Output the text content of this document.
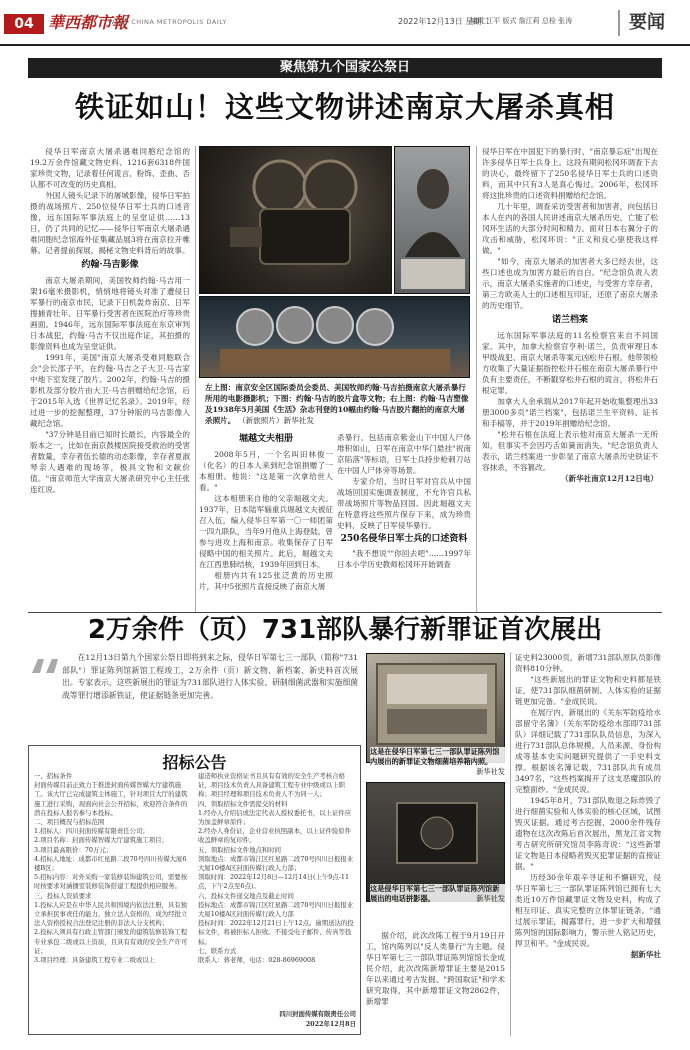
04 華西都市報
WEST CHINA METROPOLIS DAILY	2022年12月13日 星期二
编辑 江平 版式 詹江莉 总检 张涛	要闻
聚焦第九个国家公祭日
铁证如山！这些文物讲述南京大屠杀真相

侵华日军南京大屠杀遇难同胞纪念馆的19.2万余件馆藏文物史料、1216套6318件国家珍贵文物，记录着任何谎言、粉饰、歪曲、否认都不可改变的历史真相。

外国人镜头记录下的屠城影像，侵华日军拍摄的战场照片、250位侵华日军士兵的口述音像，远东国际军事法庭上的呈堂证供……13日，仍了共同的记忆——侵华日军南京大屠杀遇难同胞纪念馆海外征集藏品展3将在南京拉开帷幕。记者提前探展，揭秘文物史料背后的故事。

约翰·马吉影像

南京大屠杀期间，美国牧师约翰·马吉用一架16毫米摄影机，悄悄地将镜头对准了遭侵日军暴行的南京市民，记录下日机轰炸南京、日军搜捕青壮年、日军暴行受害者在医院治疗等珍贵画面。1946年，远东国际军事法庭在东京审判日本战犯，约翰·马吉不仅出庭作证，其拍摄的影像资料也成为呈堂证供。

1991年，美国"南京大屠杀受难同胞联合会"会长邵子平，在约翰·马吉之子大卫·马吉家中地下室发现了胶片。2002年，约翰·马吉的摄影机及部分胶片由大卫·马吉捐赠给纪念馆，后于2015年入选《世界记忆名录》。2019年，经过进一步的挖掘整理，37分钟版的马吉影像入藏纪念馆。

"37分钟是目前已知时长最长，内容最全的版本之一，比如在南京鼓楼医院接受救治的受害者数量，幸存者伍长德的动态影像，幸存者夏淑琴亲人遇难的现场等，极具文物和文献价值。"南京师范大学南京大屠杀研究中心主任张连红说。

左上图：南京安全区国际委员会委员、美国牧师约翰·马吉拍摄南京大屠杀暴行所用的电影摄影机；下图：约翰·马吉的胶片盒等文物；右上图：约翰·马吉塑像及1938年5月美国《生活》杂志刊登的10幅由约翰·马吉胶片翻拍的南京大屠杀照片。 （新旅照片）新华社发

侵华日军在中国犯下的暴行时，"南京暴忘症"出现在许多侵华日军士兵身上。这段有期间松冈环调查下去的决心，最终留下了250名侵华日军士兵的口述资料，而其中只有3人是真心悔过。2006年，松冈环将这批珍贵的口述资料捐赠给纪念馆。

几十年里，调查采访受害者和加害者，向包括日本人在内的各国人民讲述南京大屠杀历史，亡能了松冈环生活的大部分时间和精力。面对日本右翼分子的攻击和威胁，松冈环说："正义和良心驱使我这样做。"

"如今，南京大屠杀的加害者大多已经去世，这些口述也成为加害方最后的自白。"纪念馆负责人表示，南京大屠杀实施者的口述史，与受害方幸存者，第三方欧美人士的口述相互印证，还原了南京大屠杀的历史细节。

诺兰档案

远东国际军事法庭的11名检察官来自不同国家。其中，加拿大检察官亨利·诺兰，负责审理日本甲级战犯、南京大屠杀等案元凶松井石根。他带领检方收集了大量证据指控松井石根在南京大屠杀暴行中负有主要责任，不断戳穿松井石根的谎言，将松井石根定罪。

加拿大人余承瑞从2017年起开始收集整理出33册3000多页"诺兰档案"，包括诺兰生平资料、证书和手稿等，并于2019年捐赠给纪念馆。

"松井石根在法庭上表示他对南京大屠杀一无所知，但事实不会因巧舌如簧而消失。"纪念馆负责人表示，诺兰档案进一步彰显了南京大屠杀历史铁证不容抹杀，不容篡改。

（新华社南京12月12日电）

堀越文夫相册

2008年5月，一个名叫田林俊一（化名）的日本人来到纪念馆捐赠了一本相册。他说："这是第一次拿给世人看。"

这本相册来自他的父亲堀越文夫。1937年，日本陆军辎重兵堀越文夫被征召入伍，编入侵华日军第一〇一师团第一四九联队，当年9月他从上海登陆，曾参与进攻上海和南京。收集保存了日军侵略中国的相关照片。此后，堀越文夫在江西患肺结核，1939年回到日本。

相册内共有125张泛黄的历史照片，其中5张照片直接反映了南京大屠

杀暴行，包括南京紫金山下中国人尸体堆积如山，日军在南京中华门悬挂"祝南京陷落"等标语，日军士兵持步枪刺刀站在中国人尸体旁等场景。

专家介绍，当时日军对官兵从中国战场回国实施调查制度，不允许官兵私带战场照片等物品回国。因此堀越文夫在特意将这些照片保存下来，成为珍贵史料，反映了日军侵华暴行。

250名侵华日军士兵的口述资料

"我不想说""你回去吧"……1997年日本小学历史教师松冈环开始调查

2万余件（页）731部队暴行新罪证首次展出
在12月13日第九个国家公祭日即将到来之际，侵华日军第七三一部队（简称"731部队"）罪证陈列馆新馆工程竣工，2万余件（页）新文物、新档案、新史料首次展出。专家表示，这些新展出的罪证为731部队进行人体实验、研制细菌武器和实施细菌战等罪行增添新铁证，使证据链条更加完善。
这是在侵华日军第七三一部队罪证陈列馆内展出的新罪证文物细菌培养箱内照。
新华社发
这是侵华日军第七三一部队罪证陈列馆新展出的电话拼影器。	新华社发

据介绍，此次改陈工程于9月19日开工，馆内陈列以"反人类暴行"为主题。侵华日军第七三一部队罪证陈列馆馆长金成民介绍，此次改陈新增罪证主要是2015年以来通过考古发掘、"跨国取证"和学术研究取得，其中新增罪证文物2862件，新增罪

证史料23000页，新增731部队原队员影像资料810分钟。

"这些新展出的罪证文物和史料都是铁证，使731部队细菌研制、人体实验的证据链更加完备。"金成民说。

在展厅内，新展出的《关东军防疫给水部留守名簿》（关东军防疫给水部即731部队）详细记载了731部队队员信息，为深入进行731部队总体规模、人员来源、身份构成等基本史实问题研究提供了一手史料支撑。根据该名簿记载，731部队共有成员3497名，"这些档案揭开了这支恶魔部队的完整面纱。"金成民说。

1945年8月，731部队败退之际炸毁了进行细菌实验和人体实验的核心区域，试图毁灭证据。通过考古挖掘，2000余件残存遗物在这次改陈后首次展出，黑龙江省文物考古研究所研究馆员李陈奇说："这些新罪证文物是日本侵略者毁灭犯罪证据的直接证据。"

历经30余年艰辛寻证和不懈研究，侵华日军第七三一部队罪证陈列馆已拥有七大类近10万件馆藏罪证文物及史料，构成了相互印证、真实完整的立体罪证链条。"通过展示罪证，揭露罪行，进一步扩大和增强陈列馆的国际影响力，警示世人铭记历史，捍卫和平。"金成民说。

据新华社

招标公告
一、招标条件
封面传媒目前正致力于推进封面传媒智媒大厅建筑施工。该大厅已完成建筑主体施工，针对项目大厅的建筑施工进行采购，现面向社会公开招标，欢迎符合条件的潜在投标人报名参与本投标。
二、项目概况与招标范围
1.招标人：四川封面传媒有限责任公司；
2.项目名称：封面传媒智媒大厅建筑施工项目；
3.项目最高限价：70万元；
4.招标人地址：成都市红星路二段70号四川传媒大厦6楼B区；
5.招标内容：对外采购一家装修装饰建筑公司，需要按时按要求对涵播室装修装饰搭建工程提供相应服务。
三、投标人资质要求
1.投标人应是在中华人民共和国境内依法注册，具有独立承担民事责任的能力，独立法人资格的，成为经批立法人资格授权合法登记注册的非法人分支机构；
2.投标人须具有行政主管部门颁发的建筑装修装饰工程专业承包二级或以上资质，且具有有效的安全生产许可证；
3.项目经理：具备建筑工程专业二级或以上
建造师执业资格证书且具有有效的安全生产考核合格证，项目技术负责人具备建筑工程专业中级或以上职称；项目经理和项目技术负责人不为同一人；
四、领取招标文件需提交的材料
1.经办人介绍信或法定代表人授权委托书，以上证件应为加盖鲜章原件；
2.经办人身份证，企业营业执照副本，以上证件验原件收盖鲜章的复印件。
五、领取招标文件地点和时间
领取地点：成都市锦江区红星路二段70号四川日报报业大厦10楼A区封面传媒行政人力部；
领取时间：2022年12月8日—12月14日(上午9点-11点，下午2点至6点)。
六、投标文件递交地点及截止时间
投标地点：成都市锦江区红星路二段70号四川日报报业大厦10楼A区封面传媒行政人力部
投标时间：2022年12月21日上午12点。逾期送达的投标文件，将被拒标人拒收。不接受电子邮件、传真等投标。
七、联系方式
联系人：蒋老师，电话：028-86969008
四川封面传媒有限责任公司
2022年12月8日
